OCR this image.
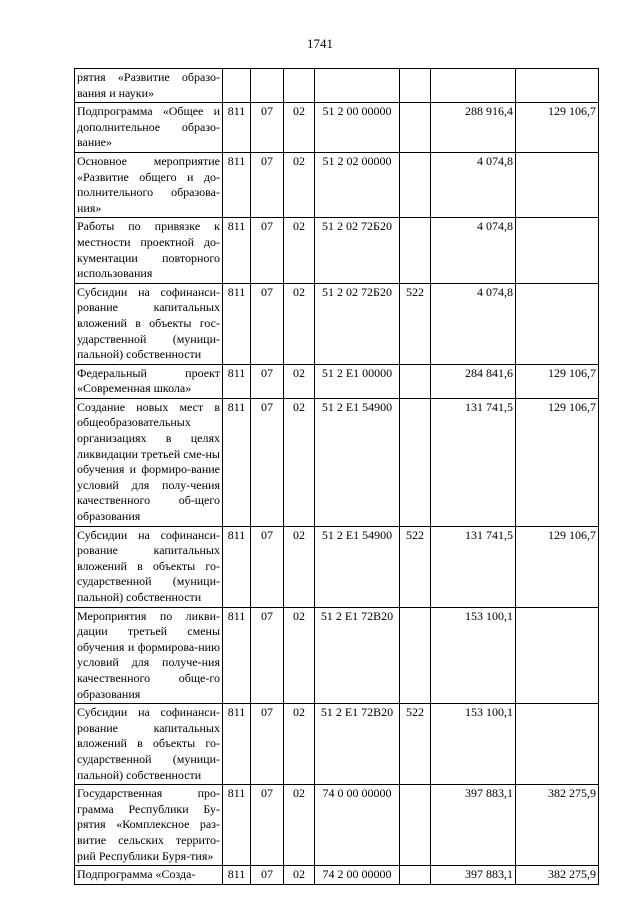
1741
рятия «Развитие образо-вания и науки»							
Подпрограмма «Общее и дополнительное образо-вание»	811	07	02	51 2 00 00000		288 916,4	129 106,7
Основное мероприятие «Развитие общего и до-полнительного образова-ния»	811	07	02	51 2 02 00000		4 074,8	
Работы по привязке к местности проектной до-кументации повторного использования	811	07	02	51 2 02 72Б20		4 074,8	
Субсидии на софинанси-рование капитальных вложений в объекты гос-ударственной (муници-пальной) собственности	811	07	02	51 2 02 72Б20	522	4 074,8	
Федеральный проект «Современная школа»	811	07	02	51 2 E1 00000		284 841,6	129 106,7
Создание новых мест в общеобразовательных организациях в целях ликвидации третьей сме-ны обучения и формиро-вание условий для полу-чения качественного об-щего образования	811	07	02	51 2 E1 54900		131 741,5	129 106,7
Субсидии на софинанси-рование капитальных вложений в объекты го-сударственной (муници-пальной) собственности	811	07	02	51 2 E1 54900	522	131 741,5	129 106,7
Мероприятия по ликви-дации третьей смены обучения и формирова-нию условий для получе-ния качественного обще-го образования	811	07	02	51 2 E1 72В20		153 100,1	
Субсидии на софинанси-рование капитальных вложений в объекты го-сударственной (муници-пальной) собственности	811	07	02	51 2 E1 72В20	522	153 100,1	
Государственная про-грамма Республики Бу-рятия «Комплексное раз-витие сельских террито-рий Республики Буря-тия»	811	07	02	74 0 00 00000		397 883,1	382 275,9
Подпрограмма «Созда-	811	07	02	74 2 00 00000		397 883,1	382 275,9
